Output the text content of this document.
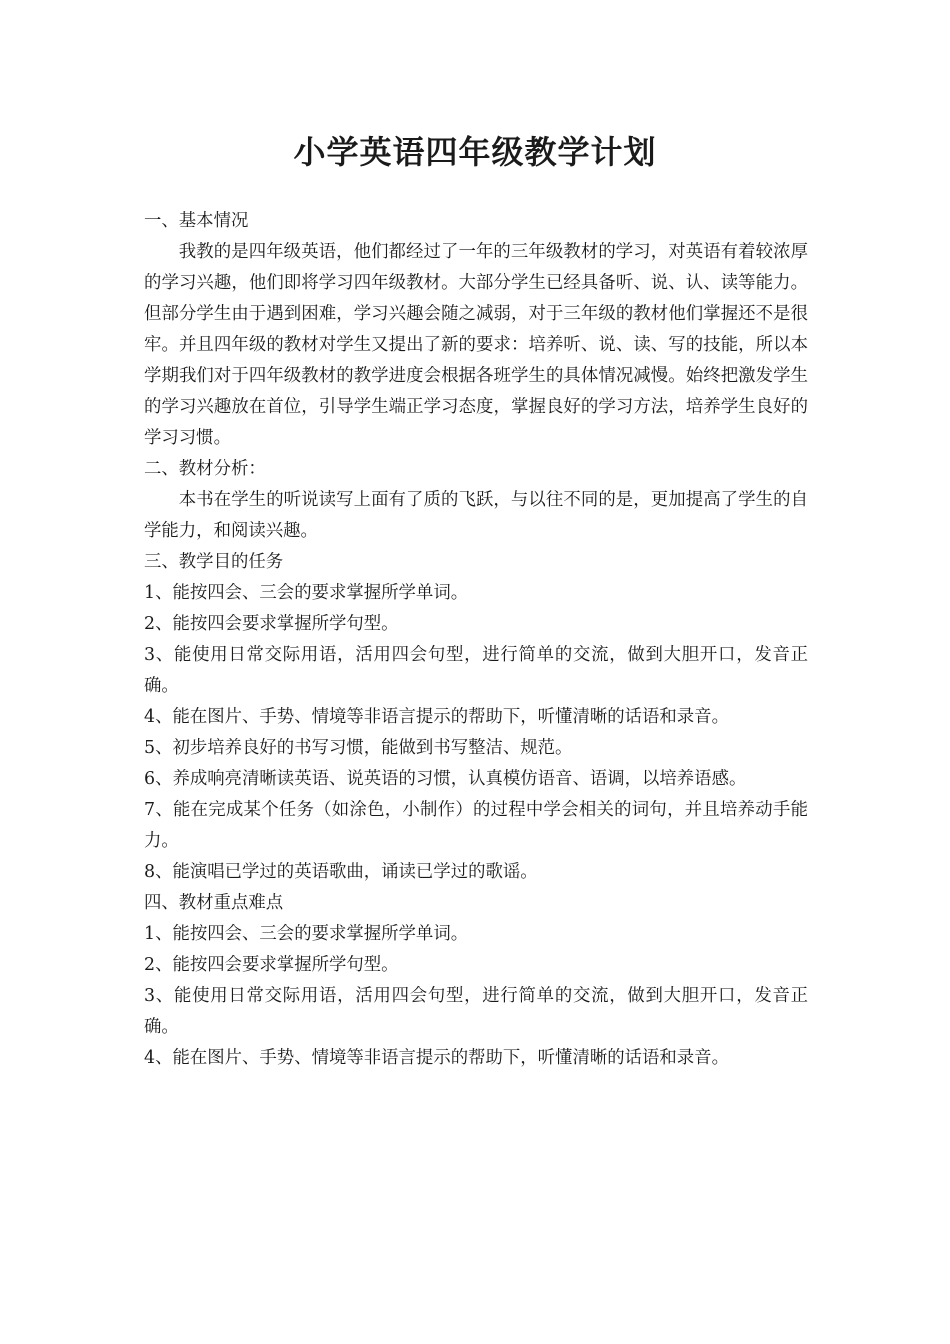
小学英语四年级教学计划

一、基本情况

我教的是四年级英语，他们都经过了一年的三年级教材的学习，对英语有着较浓厚的学习兴趣，他们即将学习四年级教材。大部分学生已经具备听、说、认、读等能力。但部分学生由于遇到困难，学习兴趣会随之减弱，对于三年级的教材他们掌握还不是很牢。并且四年级的教材对学生又提出了新的要求：培养听、说、读、写的技能，所以本学期我们对于四年级教材的教学进度会根据各班学生的具体情况减慢。始终把激发学生的学习兴趣放在首位，引导学生端正学习态度，掌握良好的学习方法，培养学生良好的学习习惯。

二、教材分析：

本书在学生的听说读写上面有了质的飞跃，与以往不同的是，更加提高了学生的自学能力，和阅读兴趣。

三、教学目的任务

1、能按四会、三会的要求掌握所学单词。

2、能按四会要求掌握所学句型。

3、能使用日常交际用语，活用四会句型，进行简单的交流，做到大胆开口，发音正确。

4、能在图片、手势、情境等非语言提示的帮助下，听懂清晰的话语和录音。

5、初步培养良好的书写习惯，能做到书写整洁、规范。

6、养成响亮清晰读英语、说英语的习惯，认真模仿语音、语调，以培养语感。

7、能在完成某个任务（如涂色，小制作）的过程中学会相关的词句，并且培养动手能力。

8、能演唱已学过的英语歌曲，诵读已学过的歌谣。

四、教材重点难点

1、能按四会、三会的要求掌握所学单词。

2、能按四会要求掌握所学句型。

3、能使用日常交际用语，活用四会句型，进行简单的交流，做到大胆开口，发音正确。

4、能在图片、手势、情境等非语言提示的帮助下，听懂清晰的话语和录音。
